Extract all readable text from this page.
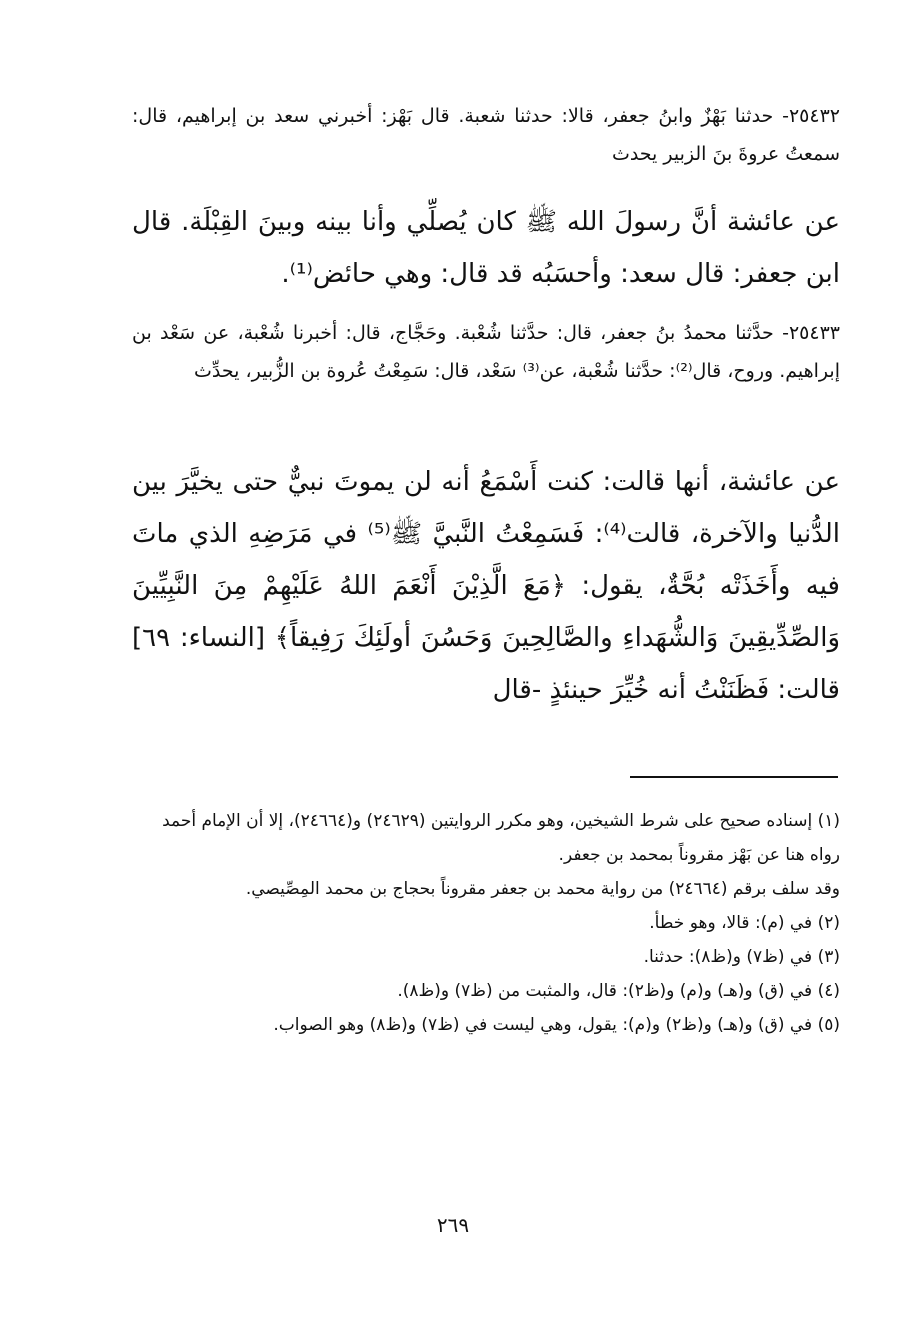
٢٥٤٣٢- حدثنا بَهْزٌ وابنُ جعفر، قالا: حدثنا شعبة. قال بَهْز: أخبرني سعد بن إبراهيم، قال: سمعتُ عروةَ بنَ الزبير يحدث

عن عائشة أنَّ رسولَ الله ﷺ كان يُصلِّي وأنا بينه وبينَ القِبْلَة. قال ابن جعفر: قال سعد: وأحسَبُه قد قال: وهي حائض⁽¹⁾.

٢٥٤٣٣- حدَّثنا محمدُ بنُ جعفر، قال: حدَّثنا شُعْبة. وحَجَّاج، قال: أخبرنا شُعْبة، عن سَعْد بن إبراهيم. وروح، قال⁽²⁾: حدَّثنا شُعْبة، عن⁽³⁾ سَعْد، قال: سَمِعْتُ عُروة بن الزُّبير، يحدِّث

عن عائشة، أنها قالت: كنت أَسْمَعُ أنه لن يموتَ نبيٌّ حتى يخيَّرَ بين الدُّنيا والآخرة، قالت⁽⁴⁾: فَسَمِعْتُ النَّبيَّ ﷺ⁽⁵⁾ في مَرَضِهِ الذي ماتَ فيه وأَخَذَتْه بُحَّةٌ، يقول: ﴿مَعَ الَّذِيْنَ أَنْعَمَ اللهُ عَلَيْهِمْ مِنَ النَّبِيِّينَ وَالصِّدِّيقِينَ وَالشُّهَداءِ والصَّالِحِينَ وَحَسُنَ أولَئِكَ رَفِيقاً﴾ [النساء: ٦٩] قالت: فَظَنَنْتُ أنه خُيِّرَ حينئذٍ -قال

(١) إسناده صحيح على شرط الشيخين، وهو مكرر الروايتين (٢٤٦٢٩) و(٢٤٦٦٤)، إلا أن الإمام أحمد رواه هنا عن بَهْز مقروناً بمحمد بن جعفر.
وقد سلف برقم (٢٤٦٦٤) من رواية محمد بن جعفر مقروناً بحجاج بن محمد المِصِّيصي.
(٢) في (م): قالا، وهو خطأ.
(٣) في (ظ٧) و(ظ٨): حدثنا.
(٤) في (ق) و(هـ) و(م) و(ظ٢): قال، والمثبت من (ظ٧) و(ظ٨).
(٥) في (ق) و(هـ) و(ظ٢) و(م): يقول، وهي ليست في (ظ٧) و(ظ٨) وهو الصواب.
٢٦٩
